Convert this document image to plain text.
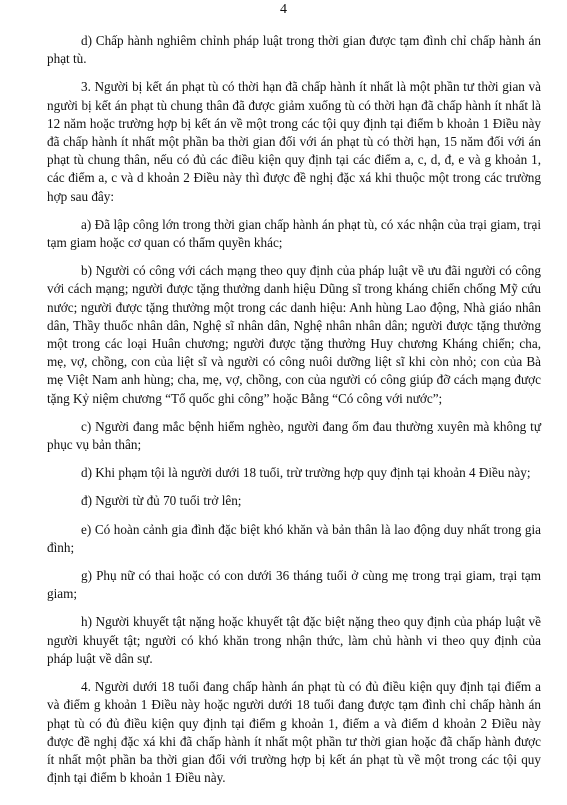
4

d) Chấp hành nghiêm chỉnh pháp luật trong thời gian được tạm đình chỉ chấp hành án phạt tù.

3. Người bị kết án phạt tù có thời hạn đã chấp hành ít nhất là một phần tư thời gian và người bị kết án phạt tù chung thân đã được giảm xuống tù có thời hạn đã chấp hành ít nhất là 12 năm hoặc trường hợp bị kết án về một trong các tội quy định tại điểm b khoản 1 Điều này đã chấp hành ít nhất một phần ba thời gian đối với án phạt tù có thời hạn, 15 năm đối với án phạt tù chung thân, nếu có đủ các điều kiện quy định tại các điểm a, c, d, đ, e và g khoản 1, các điểm a, c và d khoản 2 Điều này thì được đề nghị đặc xá khi thuộc một trong các trường hợp sau đây:

a) Đã lập công lớn trong thời gian chấp hành án phạt tù, có xác nhận của trại giam, trại tạm giam hoặc cơ quan có thẩm quyền khác;

b) Người có công với cách mạng theo quy định của pháp luật về ưu đãi người có công với cách mạng; người được tặng thưởng danh hiệu Dũng sĩ trong kháng chiến chống Mỹ cứu nước; người được tặng thưởng một trong các danh hiệu: Anh hùng Lao động, Nhà giáo nhân dân, Thầy thuốc nhân dân, Nghệ sĩ nhân dân, Nghệ nhân nhân dân; người được tặng thưởng một trong các loại Huân chương; người được tặng thưởng Huy chương Kháng chiến; cha, mẹ, vợ, chồng, con của liệt sĩ và người có công nuôi dưỡng liệt sĩ khi còn nhỏ; con của Bà mẹ Việt Nam anh hùng; cha, mẹ, vợ, chồng, con của người có công giúp đỡ cách mạng được tặng Kỷ niệm chương “Tổ quốc ghi công” hoặc Bằng “Có công với nước”;

c) Người đang mắc bệnh hiểm nghèo, người đang ốm đau thường xuyên mà không tự phục vụ bản thân;

d) Khi phạm tội là người dưới 18 tuổi, trừ trường hợp quy định tại khoản 4 Điều này;

đ) Người từ đủ 70 tuổi trở lên;

e) Có hoàn cảnh gia đình đặc biệt khó khăn và bản thân là lao động duy nhất trong gia đình;

g) Phụ nữ có thai hoặc có con dưới 36 tháng tuổi ở cùng mẹ trong trại giam, trại tạm giam;

h) Người khuyết tật nặng hoặc khuyết tật đặc biệt nặng theo quy định của pháp luật về người khuyết tật; người có khó khăn trong nhận thức, làm chủ hành vi theo quy định của pháp luật về dân sự.

4. Người dưới 18 tuổi đang chấp hành án phạt tù có đủ điều kiện quy định tại điểm a và điểm g khoản 1 Điều này hoặc người dưới 18 tuổi đang được tạm đình chỉ chấp hành án phạt tù có đủ điều kiện quy định tại điểm g khoản 1, điểm a và điểm d khoản 2 Điều này được đề nghị đặc xá khi đã chấp hành ít nhất một phần tư thời gian hoặc đã chấp hành được ít nhất một phần ba thời gian đối với trường hợp bị kết án phạt tù về một trong các tội quy định tại điểm b khoản 1 Điều này.
